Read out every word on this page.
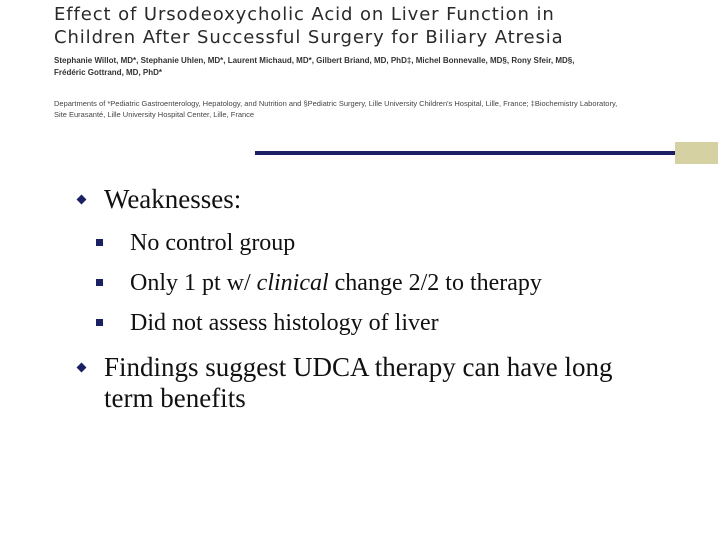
Effect of Ursodeoxycholic Acid on Liver Function in
Children After Successful Surgery for Biliary Atresia
Stephanie Willot, MD*, Stephanie Uhlen, MD*, Laurent Michaud, MD*, Gilbert Briand, MD, PhD‡, Michel Bonnevalle, MD§, Rony Sfeir, MD§,
Frédéric Gottrand, MD, PhD*
Departments of *Pediatric Gastroenterology, Hepatology, and Nutrition and §Pediatric Surgery, Lille University Children's Hospital, Lille, France; ‡Biochemistry Laboratory,
Site Eurasanté, Lille University Hospital Center, Lille, France
Weaknesses:
No control group
Only 1 pt w/ clinical change 2/2 to therapy
Did not assess histology of liver
Findings suggest UDCA therapy can have long term benefits
